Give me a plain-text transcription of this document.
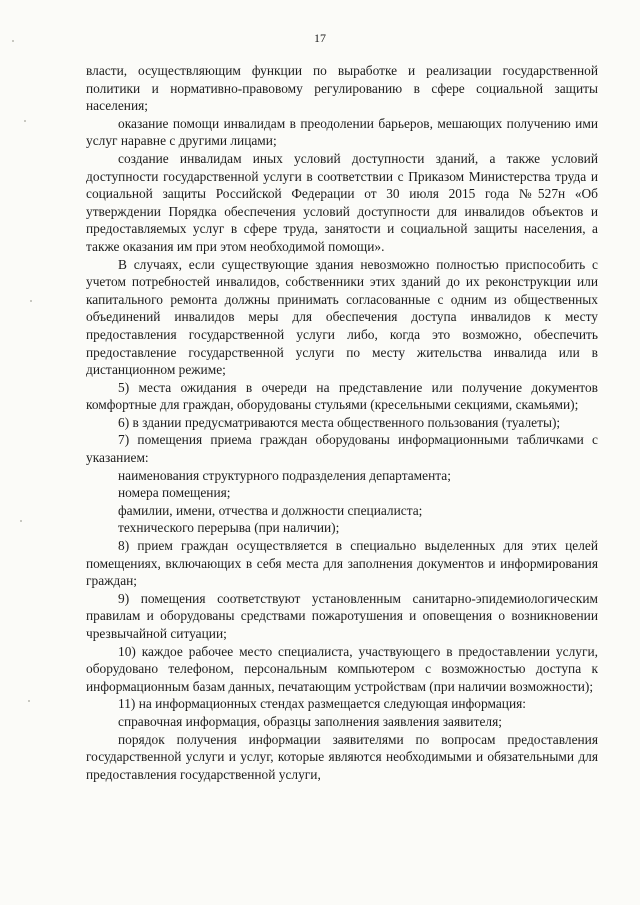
17

власти, осуществляющим функции по выработке и реализации государственной политики и нормативно-правовому регулированию в сфере социальной защиты населения;

оказание помощи инвалидам в преодолении барьеров, мешающих получению ими услуг наравне с другими лицами;

создание инвалидам иных условий доступности зданий, а также условий доступности государственной услуги в соответствии с Приказом Министерства труда и социальной защиты Российской Федерации от 30 июля 2015 года №527н «Об утверждении Порядка обеспечения условий доступности для инвалидов объектов и предоставляемых услуг в сфере труда, занятости и социальной защиты населения, а также оказания им при этом необходимой помощи».

В случаях, если существующие здания невозможно полностью приспособить с учетом потребностей инвалидов, собственники этих зданий до их реконструкции или капитального ремонта должны принимать согласованные с одним из общественных объединений инвалидов меры для обеспечения доступа инвалидов к месту предоставления государственной услуги либо, когда это возможно, обеспечить предоставление государственной услуги по месту жительства инвалида или в дистанционном режиме;

5) места ожидания в очереди на представление или получение документов комфортные для граждан, оборудованы стульями (кресельными секциями, скамьями);

6) в здании предусматриваются места общественного пользования (туалеты);

7) помещения приема граждан оборудованы информационными табличками с указанием:

наименования структурного подразделения департамента;

номера помещения;

фамилии, имени, отчества и должности специалиста;

технического перерыва (при наличии);

8) прием граждан осуществляется в специально выделенных для этих целей помещениях, включающих в себя места для заполнения документов и информирования граждан;

9) помещения соответствуют установленным санитарно-эпидемиологическим правилам и оборудованы средствами пожаротушения и оповещения о возникновении чрезвычайной ситуации;

10) каждое рабочее место специалиста, участвующего в предоставлении услуги, оборудовано телефоном, персональным компьютером с возможностью доступа к информационным базам данных, печатающим устройствам (при наличии возможности);

11) на информационных стендах размещается следующая информация:

справочная информация, образцы заполнения заявления заявителя;

порядок получения информации заявителями по вопросам предоставления государственной услуги и услуг, которые являются необходимыми и обязательными для предоставления государственной услуги,
